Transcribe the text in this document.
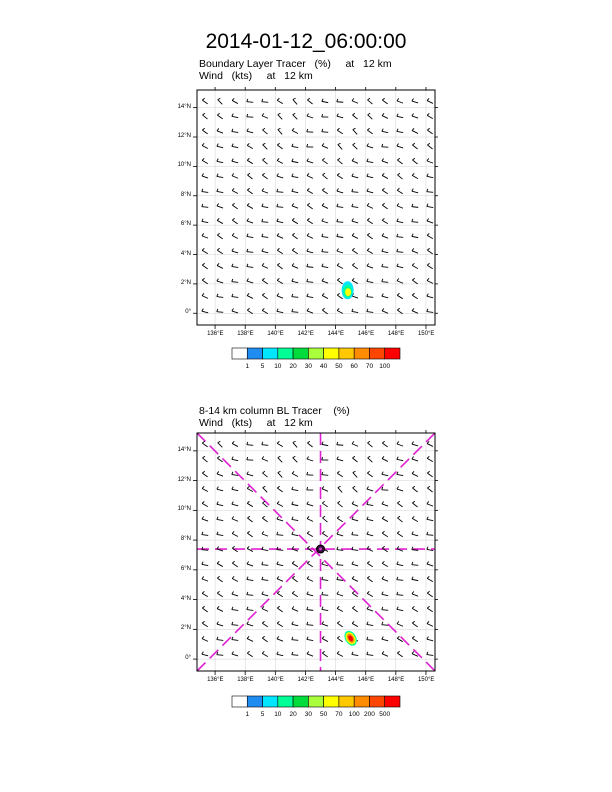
2014-01-12_06:00:00
Boundary Layer Tracer   (%)     at   12 km
Wind   (kts)     at   12 km
8-14 km column BL Tracer    (%)
Wind   (kts)     at   12 km
136°E 138°E 140°E 142°E 144°E 146°E 148°E 150°E
14°N
12°N
10°N
8°N
6°N
4°N
2°N
0°
1	5	10	20	30	40	50	60	70 100
136°E 138°E 140°E 142°E 144°E 146°E 148°E 150°E
14°N
12°N
10°N
8°N
6°N
4°N
2°N
0°
1	5	10	20	30	50	70 100 200 500
